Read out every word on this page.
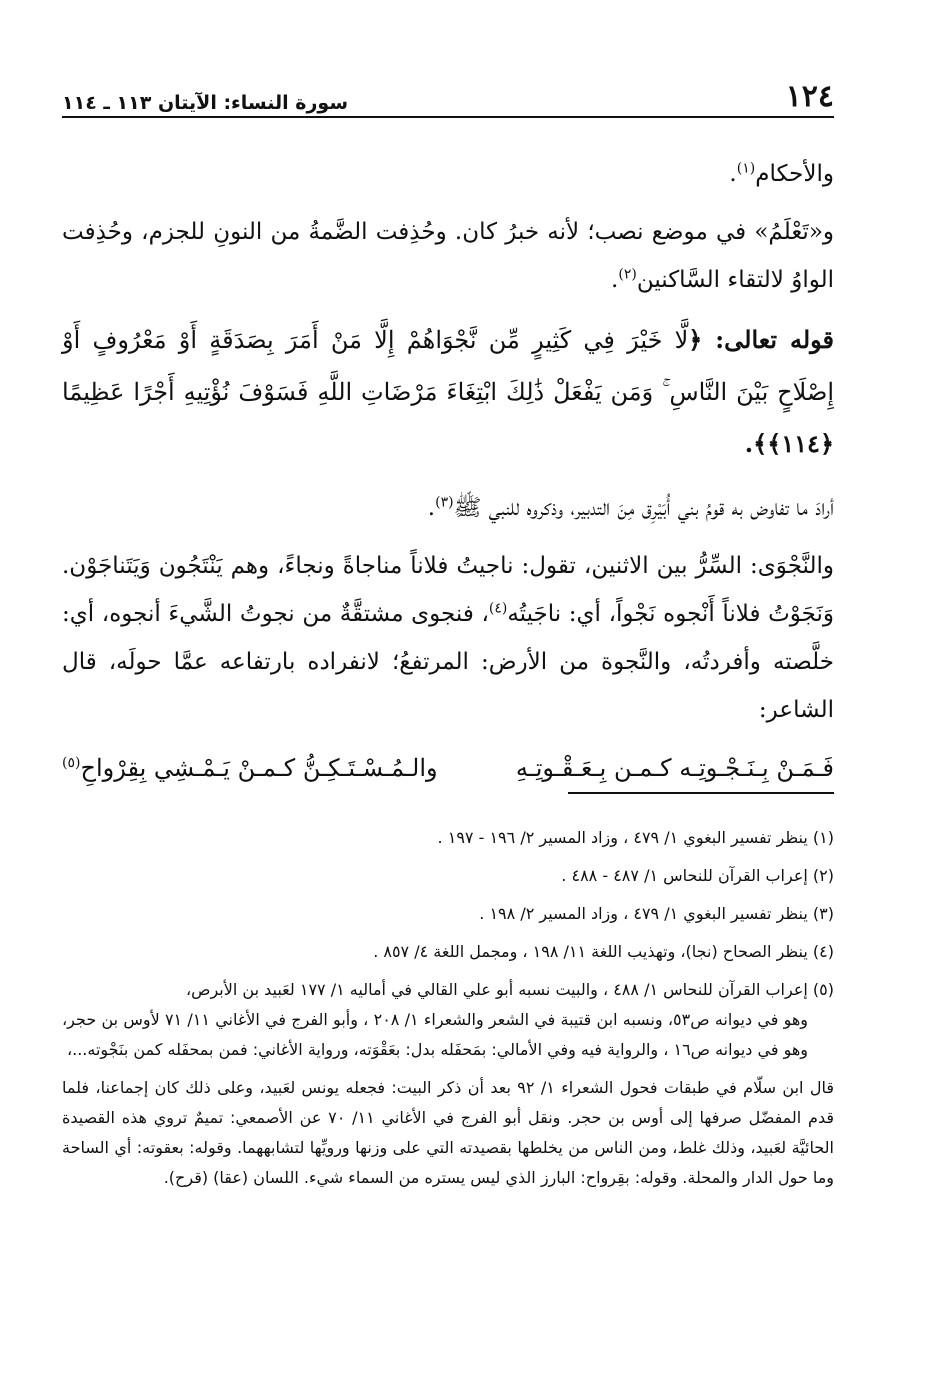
١٢٤
سورة النساء: الآيتان ١١٣ ـ ١١٤

والأحكام$^{(١)}$.

و«تَعْلَمُ» في موضع نصب؛ لأنه خبرُ كان. وحُذِفت الضَّمةُ من النونِ للجزم، وحُذِفت الواوُ لالتقاء السَّاكنين$^{(٢)}$.

قوله تعالى: ﴿لَّا خَيْرَ فِي كَثِيرٍ مِّن نَّجْوَاهُمْ إِلَّا مَنْ أَمَرَ بِصَدَقَةٍ أَوْ مَعْرُوفٍ أَوْ إِصْلَاحٍ بَيْنَ النَّاسِ ۚ وَمَن يَفْعَلْ ذَٰلِكَ ابْتِغَاءَ مَرْضَاتِ اللَّهِ فَسَوْفَ نُؤْتِيهِ أَجْرًا عَظِيمًا ﴿١١٤﴾﴾.

أرادَ ما تفاوض به قومُ بني أُبَيْرِق مِنَ التدبير، وذكروه للنبي ﷺ$^{(٣)}$.

والنَّجْوَى: السِّرُّ بين الاثنين، تقول: ناجيتُ فلاناً مناجاةً ونجاءً، وهم يَنْتَجُون وَيَتَناجَوْن. وَنَجَوْتُ فلاناً أَنْجوه نَجْواً، أي: ناجَيتُه$^{(٤)}$، فنجوى مشتقَّةٌ من نجوتُ الشَّيءَ أنجوه، أي: خلَّصته وأفردتُه، والنَّجوة من الأرض: المرتفعُ؛ لانفراده بارتفاعه عمَّا حولَه، قال الشاعر:

فَـمَـنْ بِـنَـجْـوتِـه كـمـن بِـعَـقْـوتِـهِ
والـمُـسْـتَـكِـنُّ كـمـنْ يَـمْـشِي بِقِرْواحِ$^{(٥)}$

(١) ينظر تفسير البغوي ١/ ٤٧٩ ، وزاد المسير ٢/ ١٩٦ - ١٩٧ .

(٢) إعراب القرآن للنحاس ١/ ٤٨٧ - ٤٨٨ .

(٣) ينظر تفسير البغوي ١/ ٤٧٩ ، وزاد المسير ٢/ ١٩٨ .

(٤) ينظر الصحاح (نجا)، وتهذيب اللغة ١١/ ١٩٨ ، ومجمل اللغة ٤/ ٨٥٧ .

(٥) إعراب القرآن للنحاس ١/ ٤٨٨ ، والبيت نسبه أبو علي القالي في أماليه ١/ ١٧٧ لعَبيد بن الأبرص،

وهو في ديوانه ص٥٣، ونسبه ابن قتيبة في الشعر والشعراء ١/ ٢٠٨ ، وأبو الفرج في الأغاني ١١/ ٧١ لأوس بن حجر، وهو في ديوانه ص١٦ ، والرواية فيه وفي الأمالي: بمَحفَله بدل: بعَقْوَته، ورواية الأغاني: فمن بمحفَله كمن بنَجْوته...،

قال ابن سلّام في طبقات فحول الشعراء ١/ ٩٢ بعد أن ذكر البيت: فجعله يونس لعَبيد، وعلى ذلك كان إجماعنا، فلما قدم المفضّل صرفها إلى أوس بن حجر. ونقل أبو الفرج في الأغاني ١١/ ٧٠ عن الأصمعي: تميمٌ تروي هذه القصيدة الحائيَّة لعَبيد، وذلك غلط، ومن الناس من يخلطها بقصيدته التي على وزنها ورويِّها لتشابههما. وقوله: بعقوته: أي الساحة وما حول الدار والمحلة. وقوله: بقِرواح: البارز الذي ليس يستره من السماء شيء. اللسان (عقا) (قرح).
